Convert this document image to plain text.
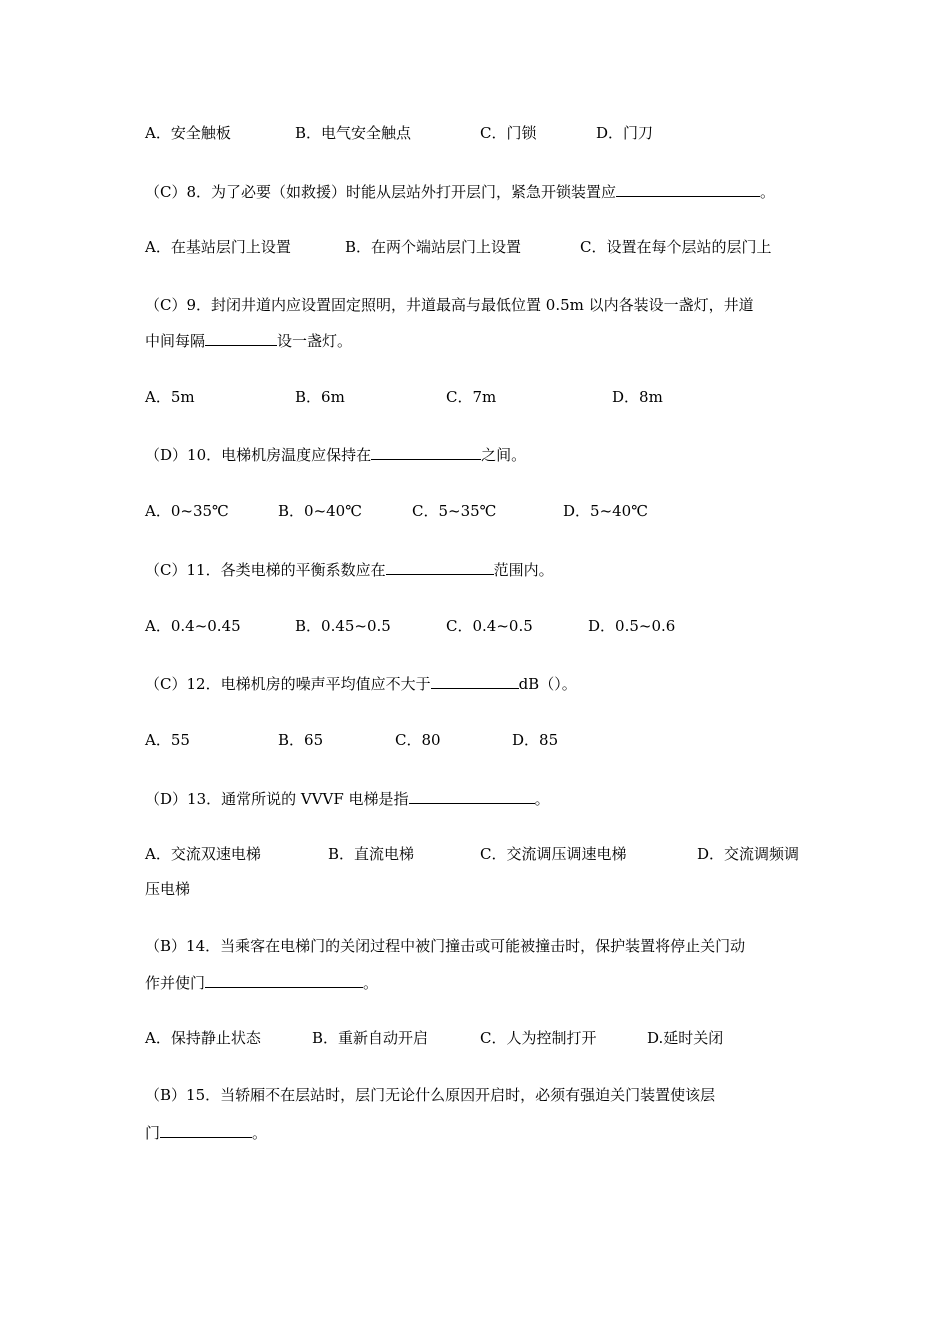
A．安全触板	B．电气安全触点	C．门锁	D．门刀
（C）8．为了必要（如救援）时能从层站外打开层门，紧急开锁装置应	。
A．在基站层门上设置	B．在两个端站层门上设置	C．设置在每个层站的层门上
（C）9．封闭井道内应设置固定照明，井道最高与最低位置 0.5m 以内各装设一盏灯，井道
中间每隔	设一盏灯。
A．5m	B．6m	C．7m	D．8m
（D）10．电梯机房温度应保持在	之间。
A．0~35℃	B．0~40℃	C．5~35℃	D．5~40℃
（C）11．各类电梯的平衡系数应在	范围内。
A．0.4~0.45	B．0.45~0.5	C．0.4~0.5	D．0.5~0.6
（C）12．电梯机房的噪声平均值应不大于	dB（）。
A．55	B．65	C．80	D．85
（D）13．通常所说的 VVVF 电梯是指	。
A．交流双速电梯	B．直流电梯	C．交流调压调速电梯	D．交流调频调
压电梯
（B）14．当乘客在电梯门的关闭过程中被门撞击或可能被撞击时，保护装置将停止关门动
作并使门	。
A．保持静止状态	B．重新自动开启	C．人为控制打开	D.延时关闭
（B）15．当轿厢不在层站时，层门无论什么原因开启时，必须有强迫关门装置使该层
门	。
